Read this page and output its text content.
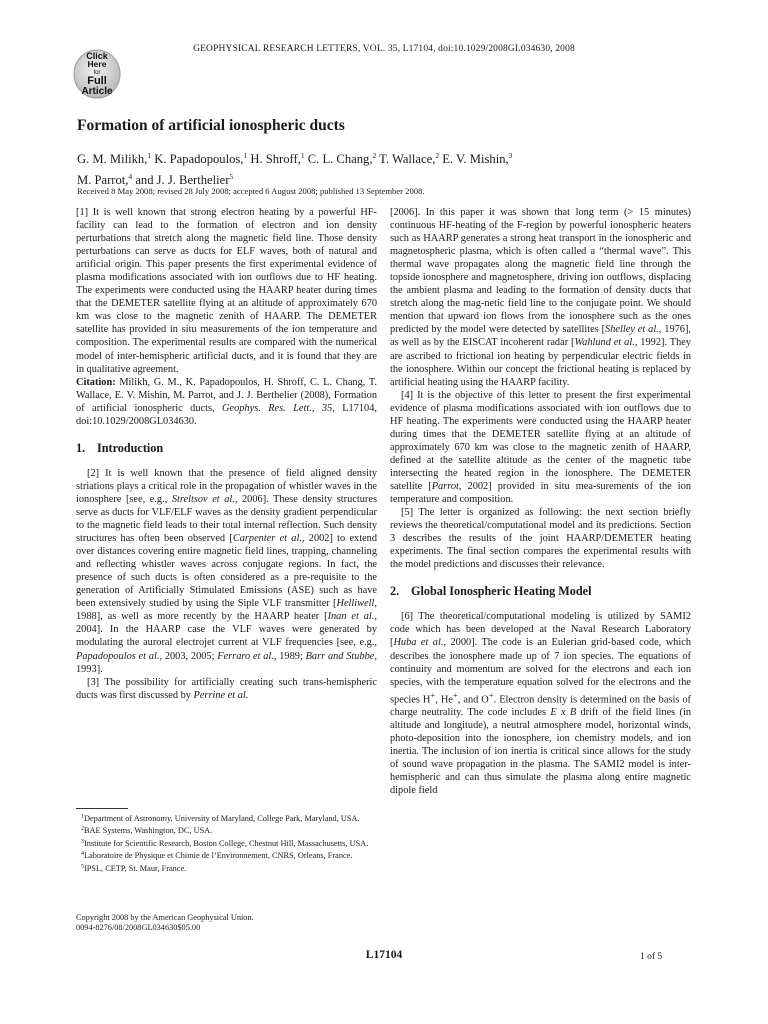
GEOPHYSICAL RESEARCH LETTERS, VOL. 35, L17104, doi:10.1029/2008GL034630, 2008
Click
Here
for
Full
Article
Formation of artificial ionospheric ducts
G. M. Milikh,$^1$ K. Papadopoulos,$^1$ H. Shroff,$^1$ C. L. Chang,$^2$ T. Wallace,$^2$ E. V. Mishin,$^3$
M. Parrot,$^4$ and J. J. Berthelier$^5$
Received 8 May 2008; revised 28 July 2008; accepted 6 August 2008; published 13 September 2008.

[1] It is well known that strong electron heating by a powerful HF-facility can lead to the formation of electron and ion density perturbations that stretch along the magnetic field line. Those density perturbations can serve as ducts for ELF waves, both of natural and artificial origin. This paper presents the first experimental evidence of plasma modifications associated with ion outflows due to HF heating. The experiments were conducted using the HAARP heater during times that the DEMETER satellite flying at an altitude of approximately 670 km was close to the magnetic zenith of HAARP. The DEMETER satellite has provided in situ measurements of the ion temperature and composition. The experimental results are compared with the numerical model of inter-hemispheric artificial ducts, and it is found that they are in qualitative agreement.

Citation: Milikh, G. M., K. Papadopoulos, H. Shroff, C. L. Chang, T. Wallace, E. V. Mishin, M. Parrot, and J. J. Berthelier (2008), Formation of artificial ionospheric ducts, Geophys. Res. Lett., 35, L17104, doi:10.1029/2008GL034630.

1. Introduction

[2] It is well known that the presence of field aligned density striations plays a critical role in the propagation of whistler waves in the ionosphere [see, e.g., Streltsov et al., 2006]. These density structures serve as ducts for VLF/ELF waves as the density gradient perpendicular to the magnetic field leads to their total internal reflection. Such density structures has often been observed [Carpenter et al., 2002] to extend over distances covering entire magnetic field lines, trapping, channeling and reflecting whistler waves across conjugate regions. In fact, the presence of such ducts is often considered as a pre-requisite to the generation of Artificially Stimulated Emissions (ASE) such as have been extensively studied by using the Siple VLF transmitter [Helliwell, 1988], as well as more recently by the HAARP heater [Inan et al., 2004]. In the HAARP case the VLF waves were generated by modulating the auroral electrojet current at VLF frequencies [see, e.g., Papadopoulos et al., 2003, 2005; Ferraro et al., 1989; Barr and Stubbe, 1993].

[3] The possibility for artificially creating such trans-hemispheric ducts was first discussed by Perrine et al.

[2006]. In this paper it was shown that long term (> 15 minutes) continuous HF-heating of the F-region by powerful ionospheric heaters such as HAARP generates a strong heat transport in the ionospheric and magnetospheric plasma, which is often called a “thermal wave”. This thermal wave propagates along the magnetic field line through the topside ionosphere and magnetosphere, driving ion outflows, displacing the ambient plasma and leading to the formation of density ducts that stretch along the mag-netic field line to the conjugate point. We should mention that upward ion flows from the ionosphere such as the ones predicted by the model were detected by satellites [Shelley et al., 1976], as well as by the EISCAT incoherent radar [Wahlund et al., 1992]. They are ascribed to frictional ion heating by perpendicular electric fields in the ionosphere. Within our concept the frictional heating is replaced by artificial heating using the HAARP facility.

[4] It is the objective of this letter to present the first experimental evidence of plasma modifications associated with ion outflows due to HF heating. The experiments were conducted using the HAARP heater during times that the DEMETER satellite flying at an altitude of approximately 670 km was close to the magnetic zenith of HAARP, defined at the satellite altitude as the center of the magnetic tube intersecting the heated region in the ionosphere. The DEMETER satellite [Parrot, 2002] provided in situ mea-surements of the ion temperature and composition.

[5] The letter is organized as following: the next section briefly reviews the theoretical/computational model and its predictions. Section 3 describes the results of the joint HAARP/DEMETER heating experiments. The final section compares the experimental results with the model predictions and discusses their relevance.

2. Global Ionospheric Heating Model

[6] The theoretical/computational modeling is utilized by SAMI2 code which has been developed at the Naval Research Laboratory [Huba et al., 2000]. The code is an Eulerian grid-based code, which describes the ionosphere made up of 7 ion species. The equations of continuity and momentum are solved for the electrons and each ion species, with the temperature equation solved for the electrons and the species H+, He+, and O+. Electron density is determined on the basis of charge neutrality. The code includes E x B drift of the field lines (in altitude and longitude), a neutral atmosphere model, horizontal winds, photo-deposition into the ionosphere, ion chemistry models, and ion inertia. The inclusion of ion inertia is critical since allows for the study of sound wave propagation in the plasma. The SAMI2 model is inter-hemispheric and can thus simulate the plasma along entire magnetic dipole field

$^1$Department of Astronomy, University of Maryland, College Park, Maryland, USA.

$^2$BAE Systems, Washington, DC, USA.

$^3$Institute for Scientific Research, Boston College, Chestnut Hill, Massachusetts, USA.

$^4$Laboratoire de Physique et Chimie de l’Environnement, CNRS, Orleans, France.

$^5$IPSL, CETP, St. Maur, France.

Copyright 2008 by the American Geophysical Union.

0094-8276/08/2008GL034630$05.00

L17104	1 of 5
